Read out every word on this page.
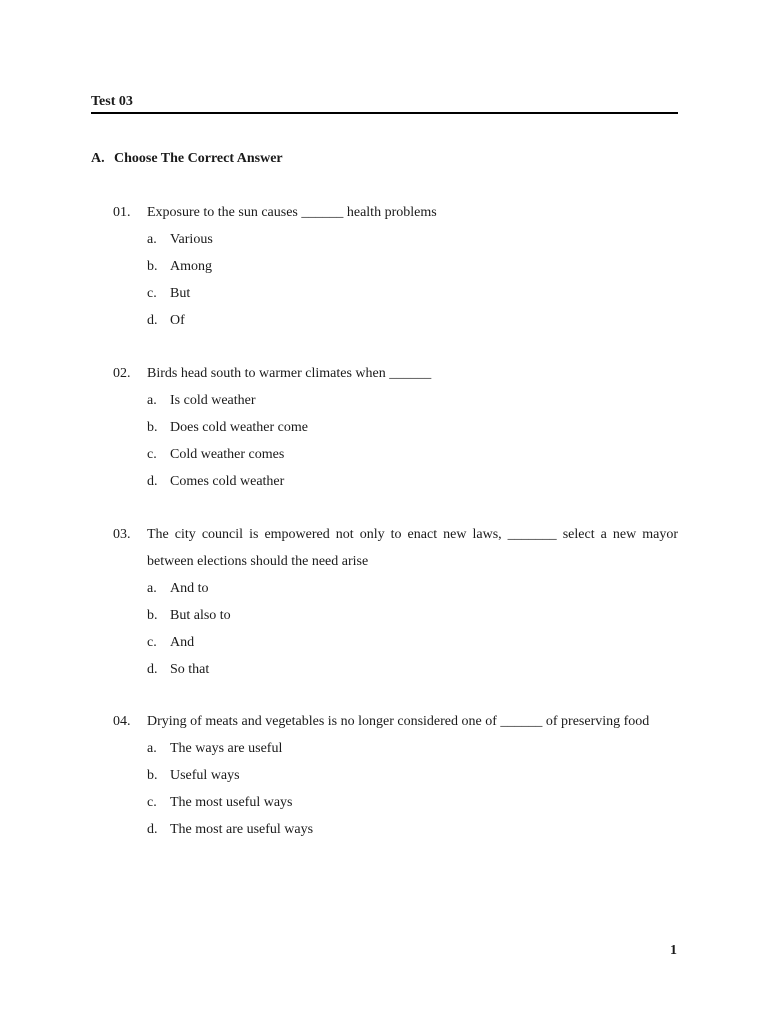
Test 03
A. Choose The Correct Answer
01.	Exposure to the sun causes ______ health problems
a. Various
b. Among
c. But
d. Of
02.	Birds head south to warmer climates when ______
a. Is cold weather
b. Does cold weather come
c. Cold weather comes
d. Comes cold weather
03.	The city council is empowered not only to enact new laws, _______ select a new mayor between elections should the need arise
a. And to
b. But also to
c. And
d. So that
04.	Drying of meats and vegetables is no longer considered one of ______ of preserving food
a. The ways are useful
b. Useful ways
c. The most useful ways
d. The most are useful ways
1
